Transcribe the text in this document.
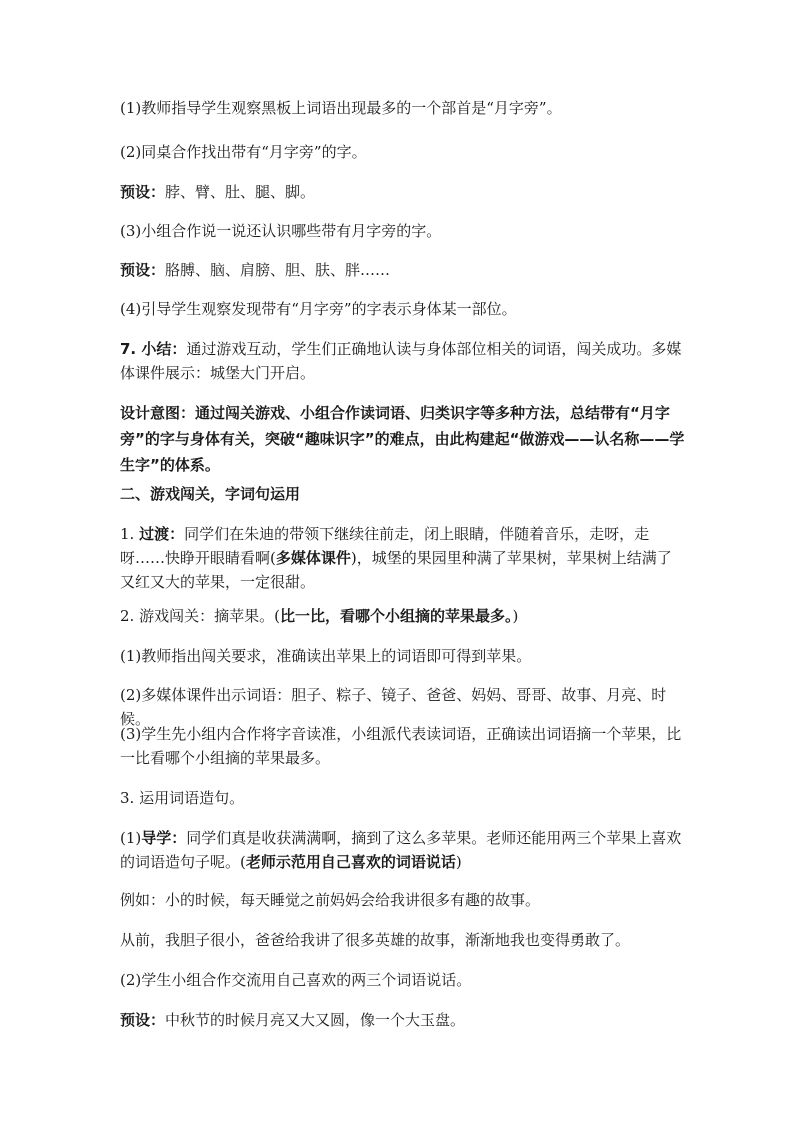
(1)教师指导学生观察黑板上词语出现最多的一个部首是“月字旁”。

(2)同桌合作找出带有“月字旁”的字。

预设：脖、臂、肚、腿、脚。

(3)小组合作说一说还认识哪些带有月字旁的字。

预设：胳膊、脑、肩膀、胆、肤、胖……

(4)引导学生观察发现带有“月字旁”的字表示身体某一部位。

7. 小结：通过游戏互动，学生们正确地认读与身体部位相关的词语，闯关成功。多媒体课件展示：城堡大门开启。

设计意图：通过闯关游戏、小组合作读词语、归类识字等多种方法，总结带有“月字旁”的字与身体有关，突破“趣味识字”的难点，由此构建起“做游戏——认名称——学生字”的体系。

二、游戏闯关，字词句运用

1. 过渡：同学们在朱迪的带领下继续往前走，闭上眼睛，伴随着音乐，走呀，走呀……快睁开眼睛看啊(多媒体课件)，城堡的果园里种满了苹果树，苹果树上结满了又红又大的苹果，一定很甜。

2. 游戏闯关：摘苹果。(比一比，看哪个小组摘的苹果最多。)

(1)教师指出闯关要求，准确读出苹果上的词语即可得到苹果。

(2)多媒体课件出示词语：胆子、粽子、镜子、爸爸、妈妈、哥哥、故事、月亮、时候。

(3)学生先小组内合作将字音读准，小组派代表读词语，正确读出词语摘一个苹果，比一比看哪个小组摘的苹果最多。

3. 运用词语造句。

(1)导学：同学们真是收获满满啊，摘到了这么多苹果。老师还能用两三个苹果上喜欢的词语造句子呢。(老师示范用自己喜欢的词语说话)

例如：小的时候，每天睡觉之前妈妈会给我讲很多有趣的故事。

从前，我胆子很小，爸爸给我讲了很多英雄的故事，渐渐地我也变得勇敢了。

(2)学生小组合作交流用自己喜欢的两三个词语说话。

预设：中秋节的时候月亮又大又圆，像一个大玉盘。
